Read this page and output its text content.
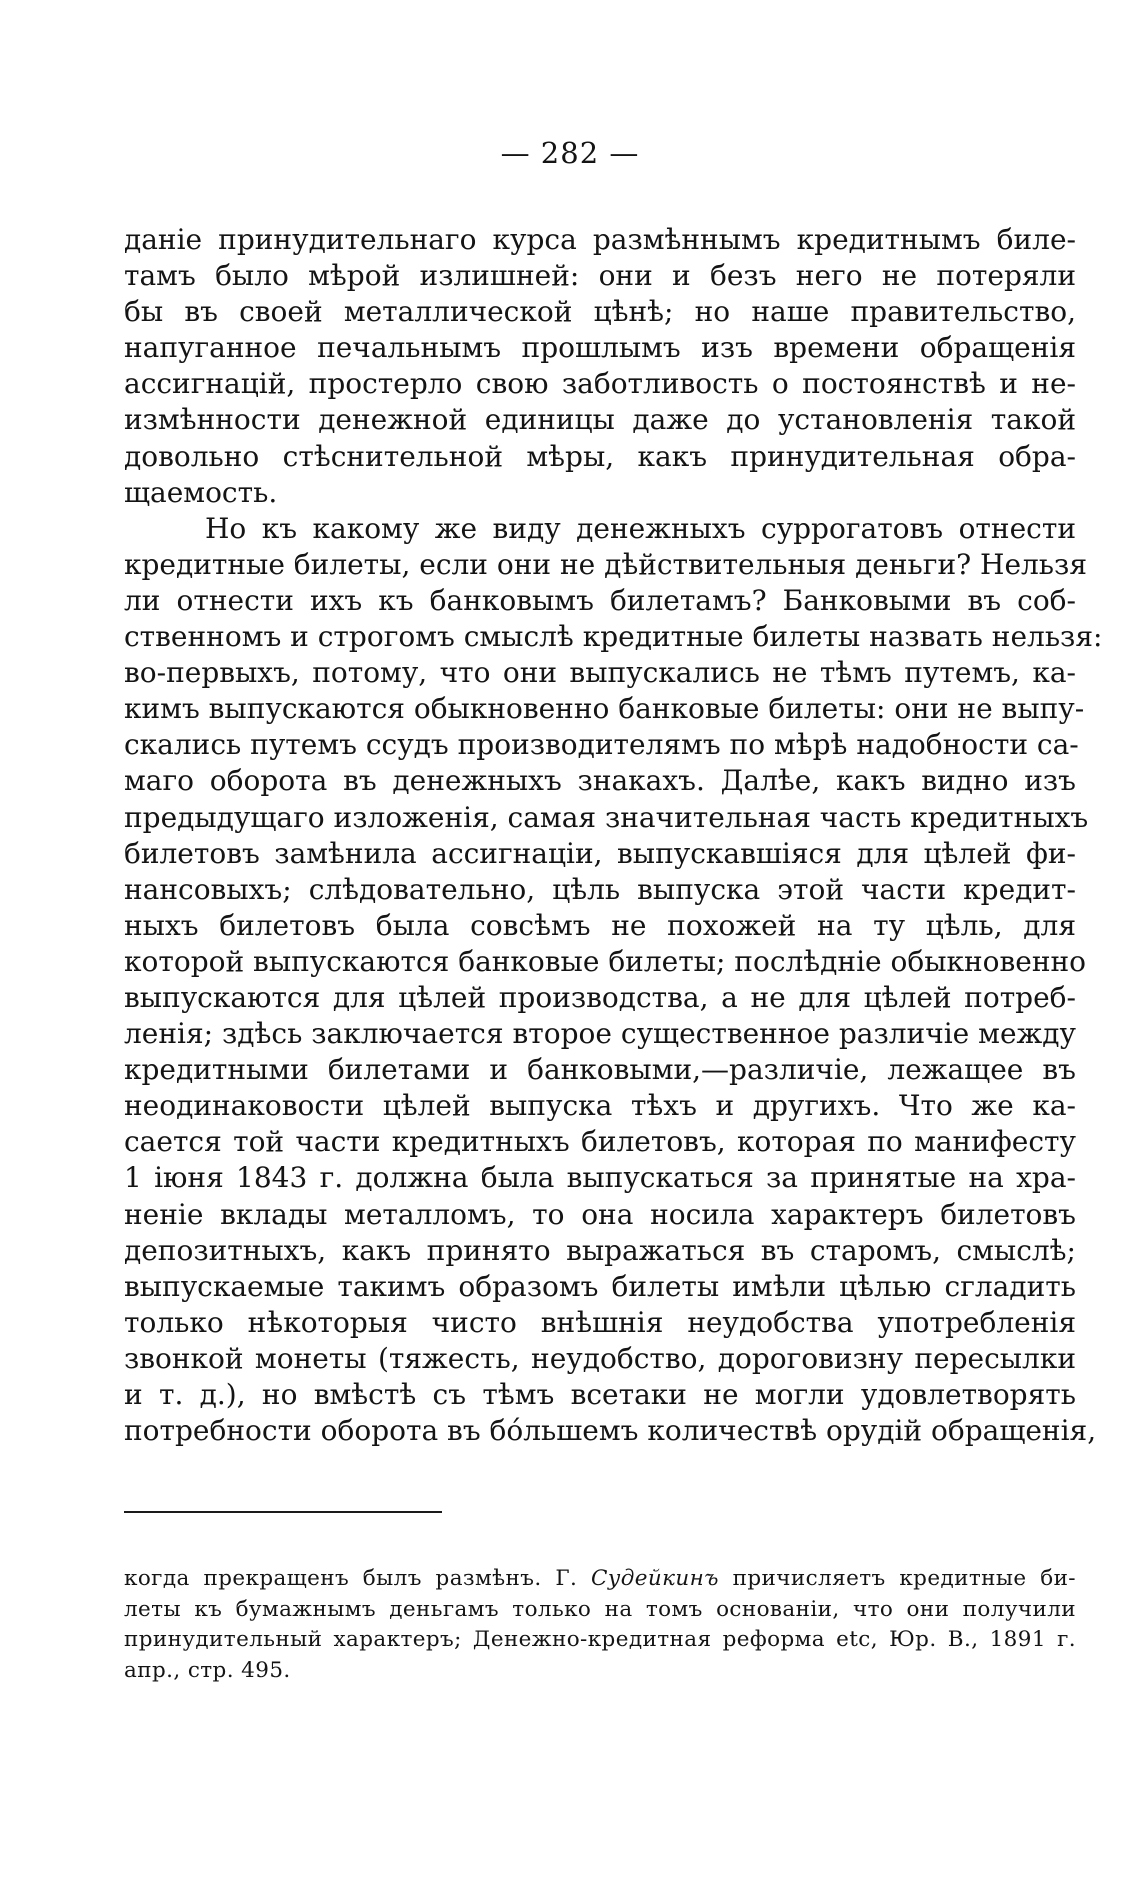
— 282 —
даніе принудительнаго курса размѣннымъ кредитнымъ биле-
тамъ было мѣрой излишней: они и безъ него не потеряли
бы въ своей металлической цѣнѣ; но наше правительство,
напуганное печальнымъ прошлымъ изъ времени обращенія
ассигнацій, простерло свою заботливость о постоянствѣ и не-
измѣнности денежной единицы даже до установленія такой
довольно стѣснительной мѣры, какъ принудительная обра-
щаемость.
Но къ какому же виду денежныхъ суррогатовъ отнести
кредитные билеты, если они не дѣйствительныя деньги? Нельзя
ли отнести ихъ къ банковымъ билетамъ? Банковыми въ соб-
ственномъ и строгомъ смыслѣ кредитные билеты назвать нельзя:
во-первыхъ, потому, что они выпускались не тѣмъ путемъ, ка-
кимъ выпускаются обыкновенно банковые билеты: они не выпу-
скались путемъ ссудъ производителямъ по мѣрѣ надобности са-
маго оборота въ денежныхъ знакахъ. Далѣе, какъ видно изъ
предыдущаго изложенія, самая значительная часть кредитныхъ
билетовъ замѣнила ассигнаціи, выпускавшіяся для цѣлей фи-
нансовыхъ; слѣдовательно, цѣль выпуска этой части кредит-
ныхъ билетовъ была совсѣмъ не похожей на ту цѣль, для
которой выпускаются банковые билеты; послѣдніе обыкновенно
выпускаются для цѣлей производства, а не для цѣлей потреб-
ленія; здѣсь заключается второе существенное различіе между
кредитными билетами и банковыми,—различіе, лежащее въ
неодинаковости цѣлей выпуска тѣхъ и другихъ. Что же ка-
сается той части кредитныхъ билетовъ, которая по манифесту
1 іюня 1843 г. должна была выпускаться за принятые на хра-
неніе вклады металломъ, то она носила характеръ билетовъ
депозитныхъ, какъ принято выражаться въ старомъ, смыслѣ;
выпускаемые такимъ образомъ билеты имѣли цѣлью сгладить
только нѣкоторыя чисто внѣшнія неудобства употребленія
звонкой монеты (тяжесть, неудобство, дороговизну пересылки
и т. д.), но вмѣстѣ съ тѣмъ всетаки не могли удовлетворять
потребности оборота въ бóльшемъ количествѣ орудій обращенія,
когда прекращенъ былъ размѣнъ. Г. Судейкинъ причисляетъ кредитные би-
леты къ бумажнымъ деньгамъ только на томъ основаніи, что они получили
принудительный характеръ; Денежно-кредитная реформа etc, Юр. В., 1891 г.
апр., стр. 495.
